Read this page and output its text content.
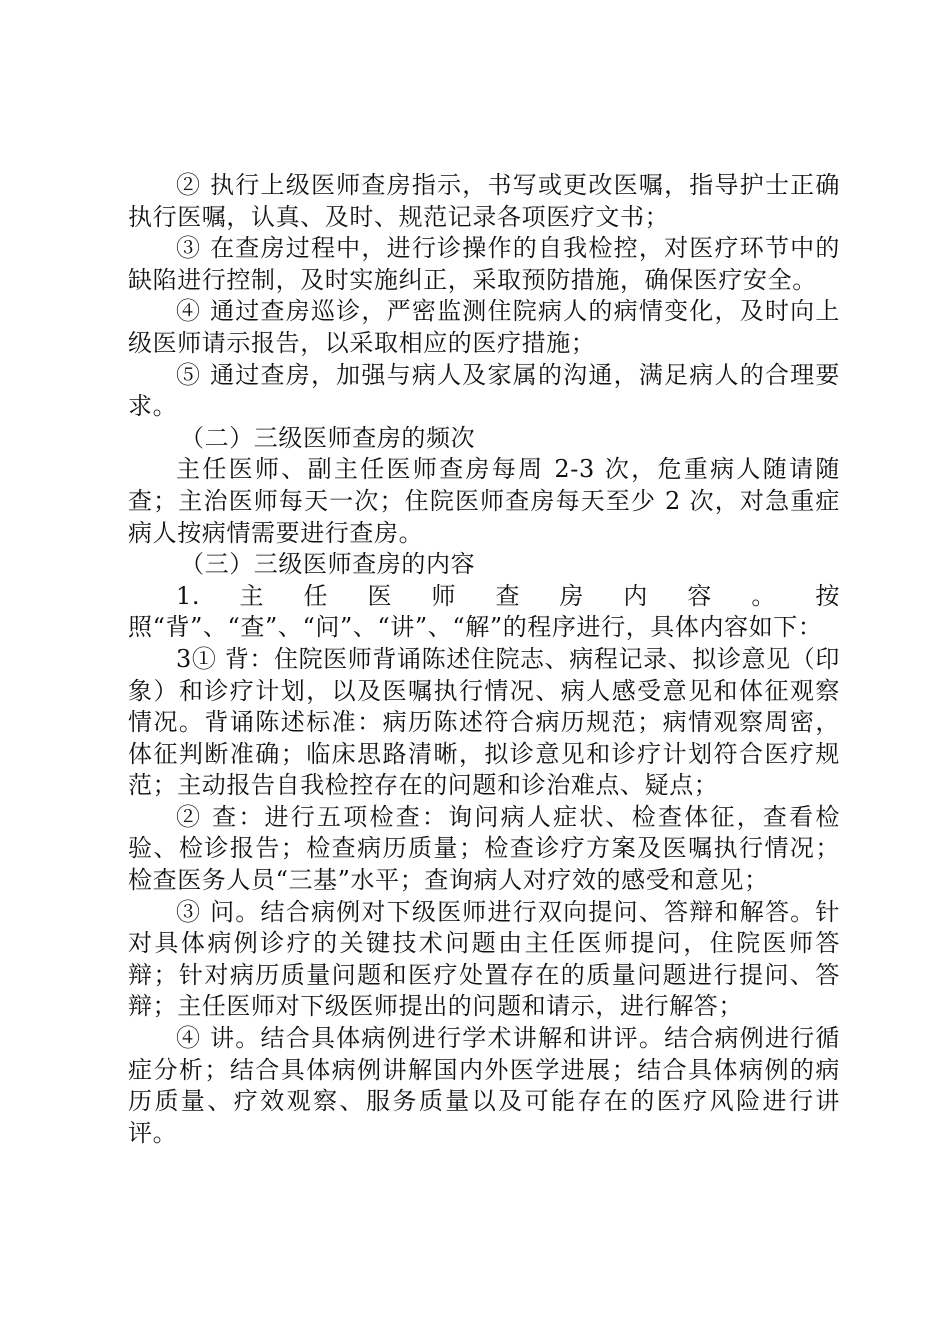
② 执行上级医师查房指示，书写或更改医嘱，指导护士正确执行医嘱，认真、及时、规范记录各项医疗文书；

③ 在查房过程中，进行诊操作的自我检控，对医疗环节中的缺陷进行控制，及时实施纠正，采取预防措施，确保医疗安全。

④ 通过查房巡诊，严密监测住院病人的病情变化，及时向上级医师请示报告，以采取相应的医疗措施；

⑤ 通过查房，加强与病人及家属的沟通，满足病人的合理要求。

（二）三级医师查房的频次

主任医师、副主任医师查房每周 2-3 次，危重病人随请随查；主治医师每天一次；住院医师查房每天至少 2 次，对急重症病人按病情需要进行查房。

（三）三级医师查房的内容

1.主任医师查房内容。按照“背”、“查”、“问”、“讲”、“解”的程序进行，具体内容如下：

3① 背：住院医师背诵陈述住院志、病程记录、拟诊意见（印象）和诊疗计划，以及医嘱执行情况、病人感受意见和体征观察情况。背诵陈述标准：病历陈述符合病历规范；病情观察周密，体征判断准确；临床思路清晰，拟诊意见和诊疗计划符合医疗规范；主动报告自我检控存在的问题和诊治难点、疑点；

② 查：进行五项检查：询问病人症状、检查体征，查看检验、检诊报告；检查病历质量；检查诊疗方案及医嘱执行情况；检查医务人员“三基”水平；查询病人对疗效的感受和意见；

③ 问。结合病例对下级医师进行双向提问、答辩和解答。针对具体病例诊疗的关键技术问题由主任医师提问，住院医师答辩；针对病历质量问题和医疗处置存在的质量问题进行提问、答辩；主任医师对下级医师提出的问题和请示，进行解答；

④ 讲。结合具体病例进行学术讲解和讲评。结合病例进行循症分析；结合具体病例讲解国内外医学进展；结合具体病例的病历质量、疗效观察、服务质量以及可能存在的医疗风险进行讲评。
